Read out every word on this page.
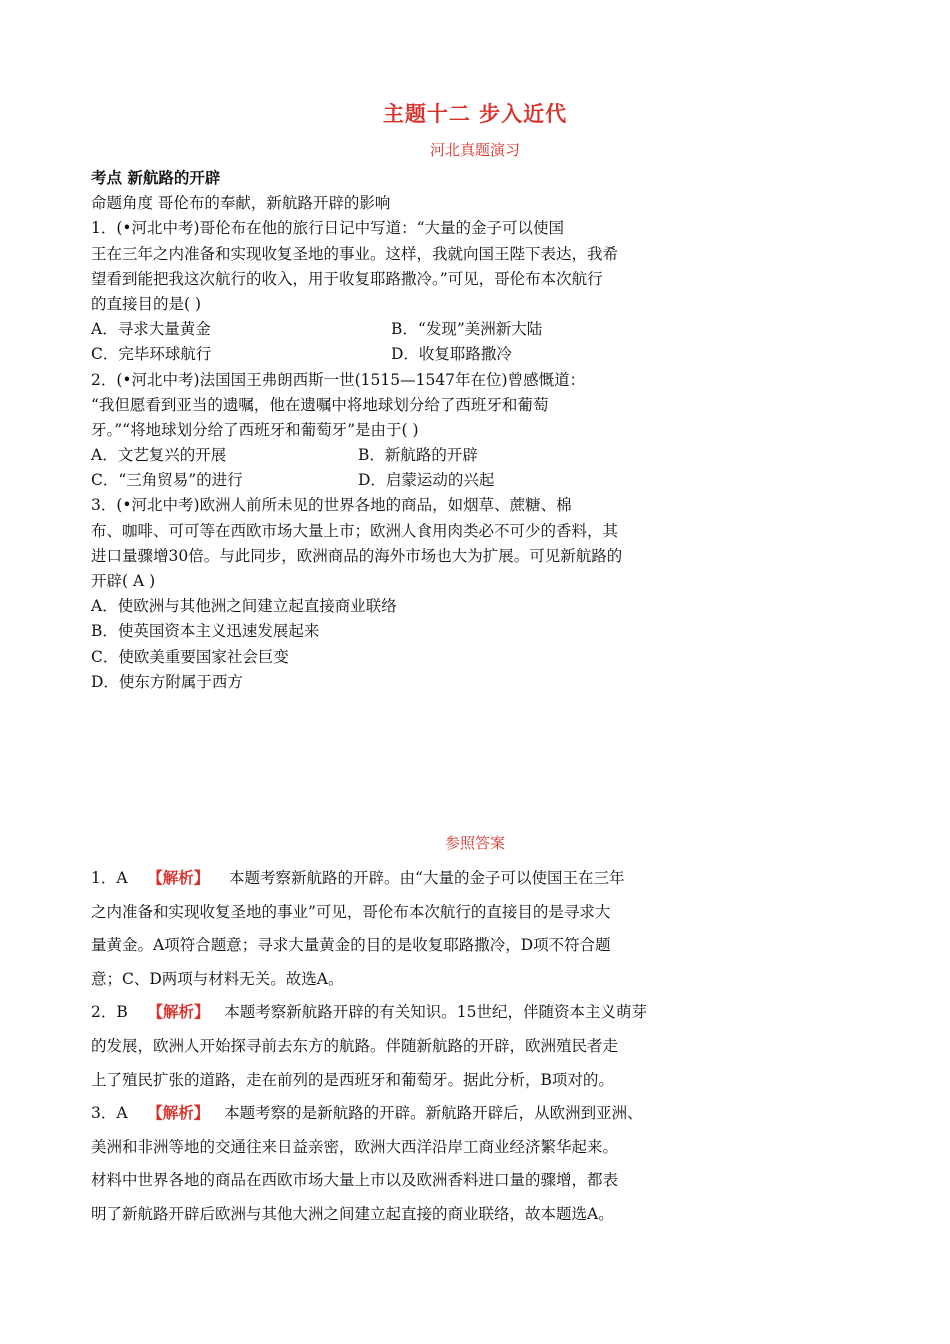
主题十二 步入近代
河北真题演习
考点 新航路的开辟
命题角度 哥伦布的奉献，新航路开辟的影响
1．(•河北中考)哥伦布在他的旅行日记中写道：“大量的金子可以使国
王在三年之内准备和实现收复圣地的事业。这样，我就向国王陛下表达，我希
望看到能把我这次航行的收入，用于收复耶路撒冷。”可见，哥伦布本次航行
的直接目的是( )
A．寻求大量黄金	B．“发现”美洲新大陆
C．完毕环球航行	D．收复耶路撒冷
2．(•河北中考)法国国王弗朗西斯一世(1515—1547年在位)曾感慨道：
“我但愿看到亚当的遗嘱，他在遗嘱中将地球划分给了西班牙和葡萄
牙。”“将地球划分给了西班牙和葡萄牙”是由于( )
A．文艺复兴的开展	B．新航路的开辟
C．“三角贸易”的进行	D．启蒙运动的兴起
3．(•河北中考)欧洲人前所未见的世界各地的商品，如烟草、蔗糖、棉
布、咖啡、可可等在西欧市场大量上市；欧洲人食用肉类必不可少的香料，其
进口量骤增30倍。与此同步，欧洲商品的海外市场也大为扩展。可见新航路的
开辟( A )
A．使欧洲与其他洲之间建立起直接商业联络
B．使英国资本主义迅速发展起来
C．使欧美重要国家社会巨变
D．使东方附属于西方
参照答案
1．A 【解析】 本题考察新航路的开辟。由“大量的金子可以使国王在三年
之内准备和实现收复圣地的事业”可见，哥伦布本次航行的直接目的是寻求大
量黄金。A项符合题意；寻求大量黄金的目的是收复耶路撒冷，D项不符合题
意；C、D两项与材料无关。故选A。
2．B 【解析】 本题考察新航路开辟的有关知识。15世纪，伴随资本主义萌芽
的发展，欧洲人开始探寻前去东方的航路。伴随新航路的开辟，欧洲殖民者走
上了殖民扩张的道路，走在前列的是西班牙和葡萄牙。据此分析，B项对的。
3．A 【解析】 本题考察的是新航路的开辟。新航路开辟后，从欧洲到亚洲、
美洲和非洲等地的交通往来日益亲密，欧洲大西洋沿岸工商业经济繁华起来。
材料中世界各地的商品在西欧市场大量上市以及欧洲香料进口量的骤增，都表
明了新航路开辟后欧洲与其他大洲之间建立起直接的商业联络，故本题选A。
